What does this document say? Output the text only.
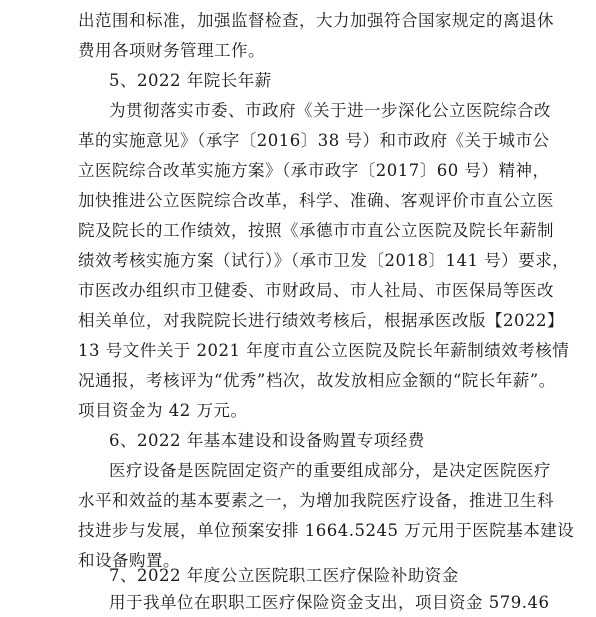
出范围和标准，加强监督检查，大力加强符合国家规定的离退休
费用各项财务管理工作。
5、2022 年院长年薪
为贯彻落实市委、市政府《关于进一步深化公立医院综合改
革的实施意见》（承字〔2016〕38 号）和市政府《关于城市公
立医院综合改革实施方案》（承市政字〔2017〕60 号）精神，
加快推进公立医院综合改革，科学、准确、客观评价市直公立医
院及院长的工作绩效，按照《承德市市直公立医院及院长年薪制
绩效考核实施方案（试行）》（承市卫发〔2018〕141 号）要求，
市医改办组织市卫健委、市财政局、市人社局、市医保局等医改
相关单位，对我院院长进行绩效考核后，根据承医改版【2022】
13 号文件关于 2021 年度市直公立医院及院长年薪制绩效考核情
况通报，考核评为“优秀”档次，故发放相应金额的“院长年薪”。
项目资金为 42 万元。
6、2022 年基本建设和设备购置专项经费
医疗设备是医院固定资产的重要组成部分，是决定医院医疗
水平和效益的基本要素之一，为增加我院医疗设备，推进卫生科
技进步与发展，单位预案安排 1664.5245 万元用于医院基本建设
和设备购置。
7、2022 年度公立医院职工医疗保险补助资金
用于我单位在职职工医疗保险资金支出，项目资金 579.46
